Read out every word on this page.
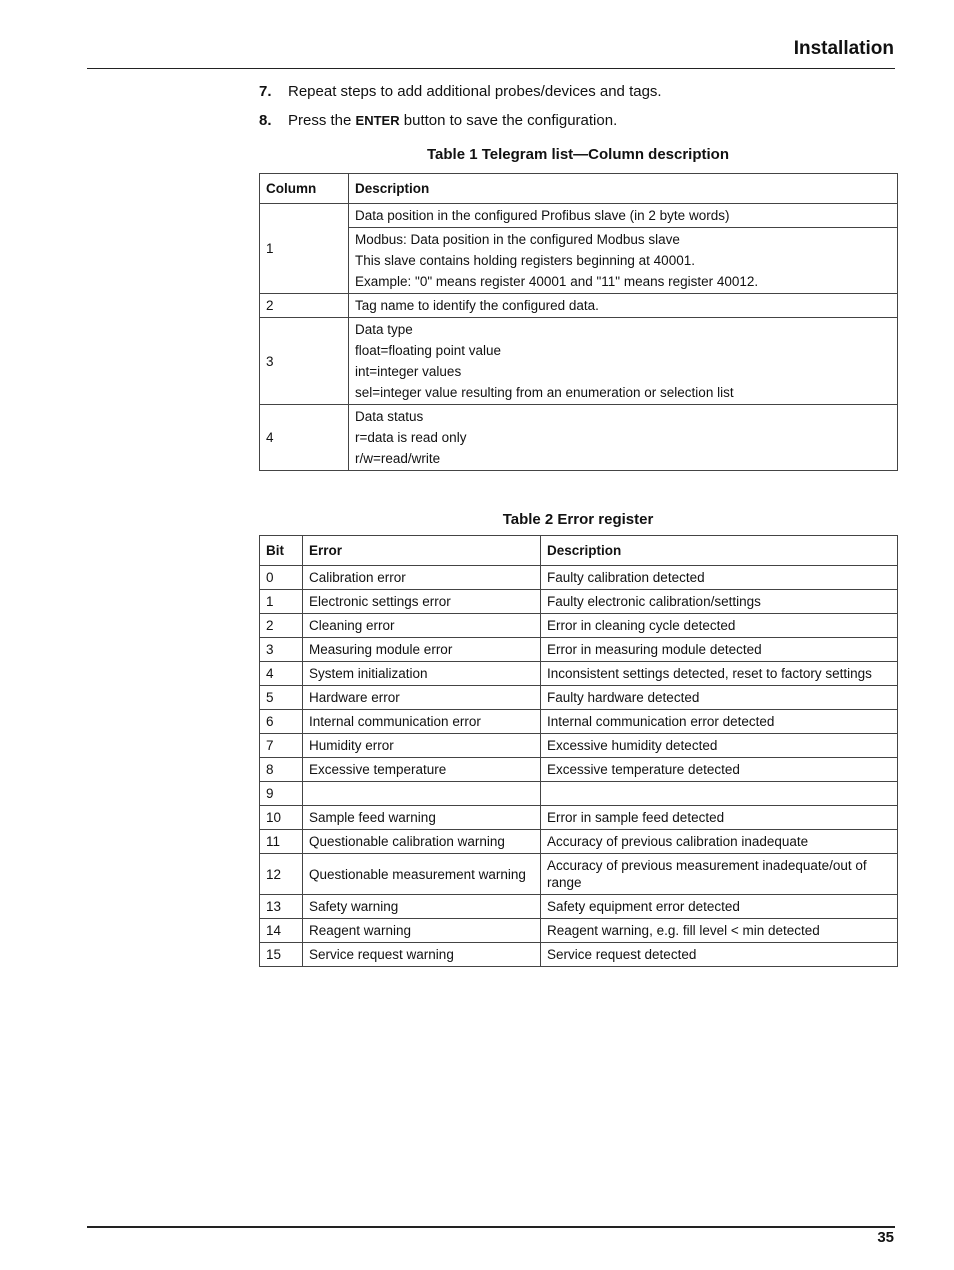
Installation
7. Repeat steps to add additional probes/devices and tags.
8. Press the ENTER button to save the configuration.
Table 1 Telegram list—Column description
Column	Description
1	Data position in the configured Profibus slave (in 2 byte words)

	Modbus: Data position in the configured Modbus slave
This slave contains holding registers beginning at 40001.
Example: "0" means register 40001 and "11" means register 40012.

2	Tag name to identify the configured data.

3	Data type
float=floating point value
int=integer values
sel=integer value resulting from an enumeration or selection list

4	Data status
r=data is read only
r/w=read/write
Table 2 Error register
Bit	Error	Description
0	Calibration error	Faulty calibration detected
1	Electronic settings error	Faulty electronic calibration/settings
2	Cleaning error	Error in cleaning cycle detected
3	Measuring module error	Error in measuring module detected
4	System initialization	Inconsistent settings detected, reset to factory settings
5	Hardware error	Faulty hardware detected
6	Internal communication error	Internal communication error detected
7	Humidity error	Excessive humidity detected
8	Excessive temperature	Excessive temperature detected
9		
10	Sample feed warning	Error in sample feed detected
11	Questionable calibration warning	Accuracy of previous calibration inadequate
12	Questionable measurement warning	Accuracy of previous measurement inadequate/out of range
13	Safety warning	Safety equipment error detected
14	Reagent warning	Reagent warning, e.g. fill level < min detected
15	Service request warning	Service request detected
35
